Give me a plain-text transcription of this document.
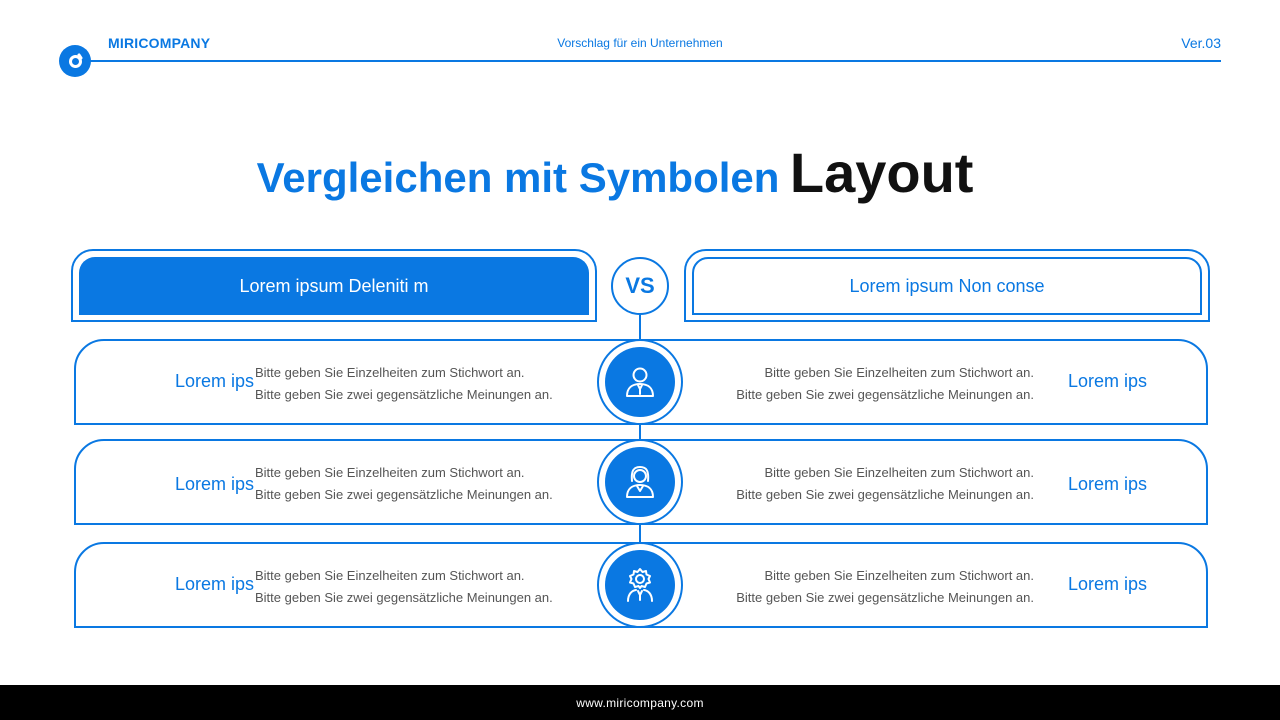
MIRICOMPANY	Vorschlag für ein Unternehmen	Ver.03
Vergleichen mit Symbolen Layout
Lorem ipsum Deleniti m	Lorem ipsum Non conse
VS
Lorem ips Bitte geben Sie Einzelheiten zum Stichwort an.
Bitte geben Sie zwei gegensätzliche Meinungen an.
Bitte geben Sie Einzelheiten zum Stichwort an.
Bitte geben Sie zwei gegensätzliche Meinungen an.
Lorem ips
Lorem ips
Bitte geben Sie Einzelheiten zum Stichwort an.
Bitte geben Sie zwei gegensätzliche Meinungen an.
Bitte geben Sie Einzelheiten zum Stichwort an.
Bitte geben Sie zwei gegensätzliche Meinungen an.
Lorem ips
Lorem ips Bitte geben Sie Einzelheiten zum Stichwort an.
Bitte geben Sie zwei gegensätzliche Meinungen an.
Bitte geben Sie Einzelheiten zum Stichwort an.
Bitte geben Sie zwei gegensätzliche Meinungen an.
Lorem ips
www.miricompany.com
